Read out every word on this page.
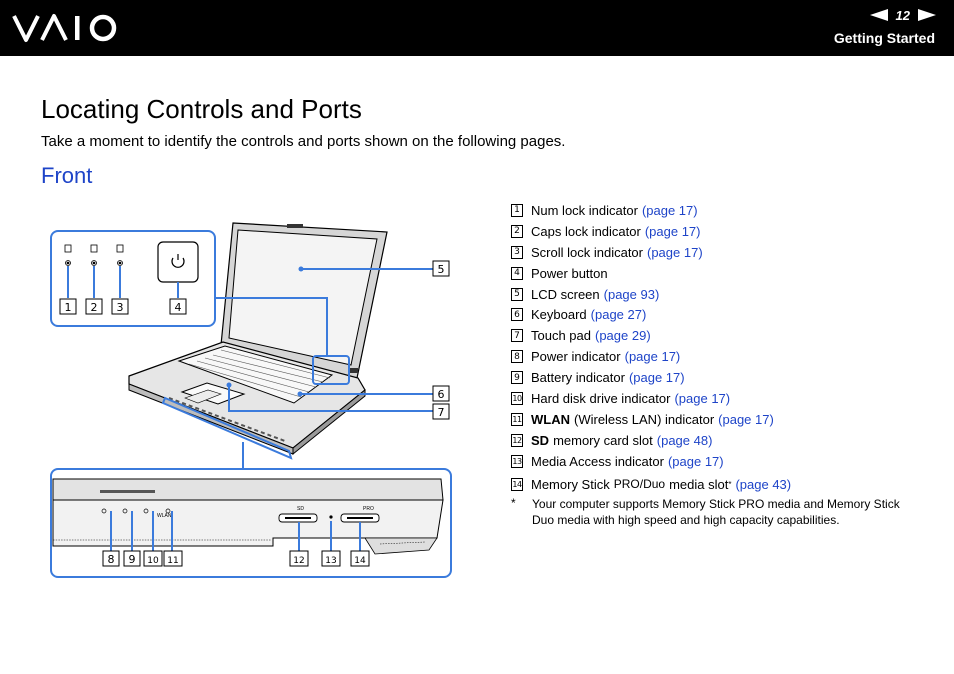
12
Getting Started
Locating Controls and Ports
Take a moment to identify the controls and ports shown on the following pages.
Front
1 2 3	4
5
6
7
WLAN
SD	PRO
8 9 10 11	12 13 14
1 Num lock indicator (page 17)
2 Caps lock indicator (page 17)
3 Scroll lock indicator (page 17)
4 Power button
5 LCD screen (page 93)
6 Keyboard (page 27)
7 Touch pad (page 29)
8 Power indicator (page 17)
9 Battery indicator (page 17)
10 Hard disk drive indicator (page 17)
11 WLAN (Wireless LAN) indicator (page 17)
12 SD memory card slot (page 48)
13 Media Access indicator (page 17)
14 Memory Stick PRO/Duo media slot * (page 43)
*	Your computer supports Memory Stick PRO media and Memory Stick Duo media with high speed and high capacity capabilities.
